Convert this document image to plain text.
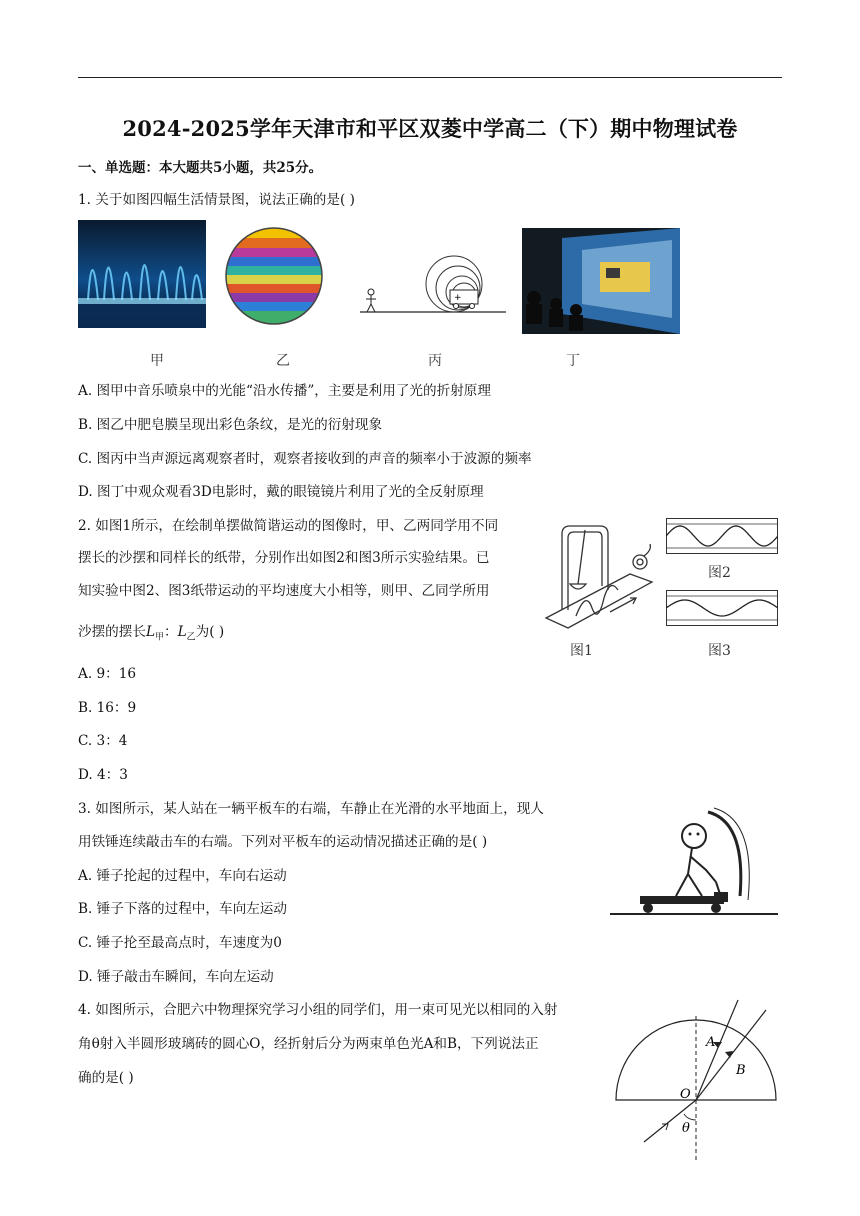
2024-2025学年天津市和平区双菱中学高二（下）期中物理试卷
一、单选题：本大题共5小题，共25分。
1. 关于如图四幅生活情景图，说法正确的是( )
+
甲	乙	丙	丁
A. 图甲中音乐喷泉中的光能“沿水传播”，主要是利用了光的折射原理
B. 图乙中肥皂膜呈现出彩色条纹，是光的衍射现象
C. 图丙中当声源远离观察者时，观察者接收到的声音的频率小于波源的频率
D. 图丁中观众观看3D电影时，戴的眼镜镜片利用了光的全反射原理
2. 如图1所示，在绘制单摆做简谐运动的图像时，甲、乙两同学用不同
摆长的沙摆和同样长的纸带，分别作出如图2和图3所示实验结果。已
知实验中图2、图3纸带运动的平均速度大小相等，则甲、乙同学所用
沙摆的摆长$L_甲$：$L_乙$为( )
图1
图2
图3
A. 9：16
B. 16：9
C. 3：4
D. 4：3
3. 如图所示，某人站在一辆平板车的右端，车静止在光滑的水平地面上，现人
用铁锤连续敲击车的右端。下列对平板车的运动情况描述正确的是( )
A. 锤子抡起的过程中，车向右运动
B. 锤子下落的过程中，车向左运动
C. 锤子抡至最高点时，车速度为0
D. 锤子敲击车瞬间，车向左运动
4. 如图所示，合肥六中物理探究学习小组的同学们，用一束可见光以相同的入射
角θ射入半圆形玻璃砖的圆心O，经折射后分为两束单色光A和B，下列说法正
确的是( )
A
B
O
θ
